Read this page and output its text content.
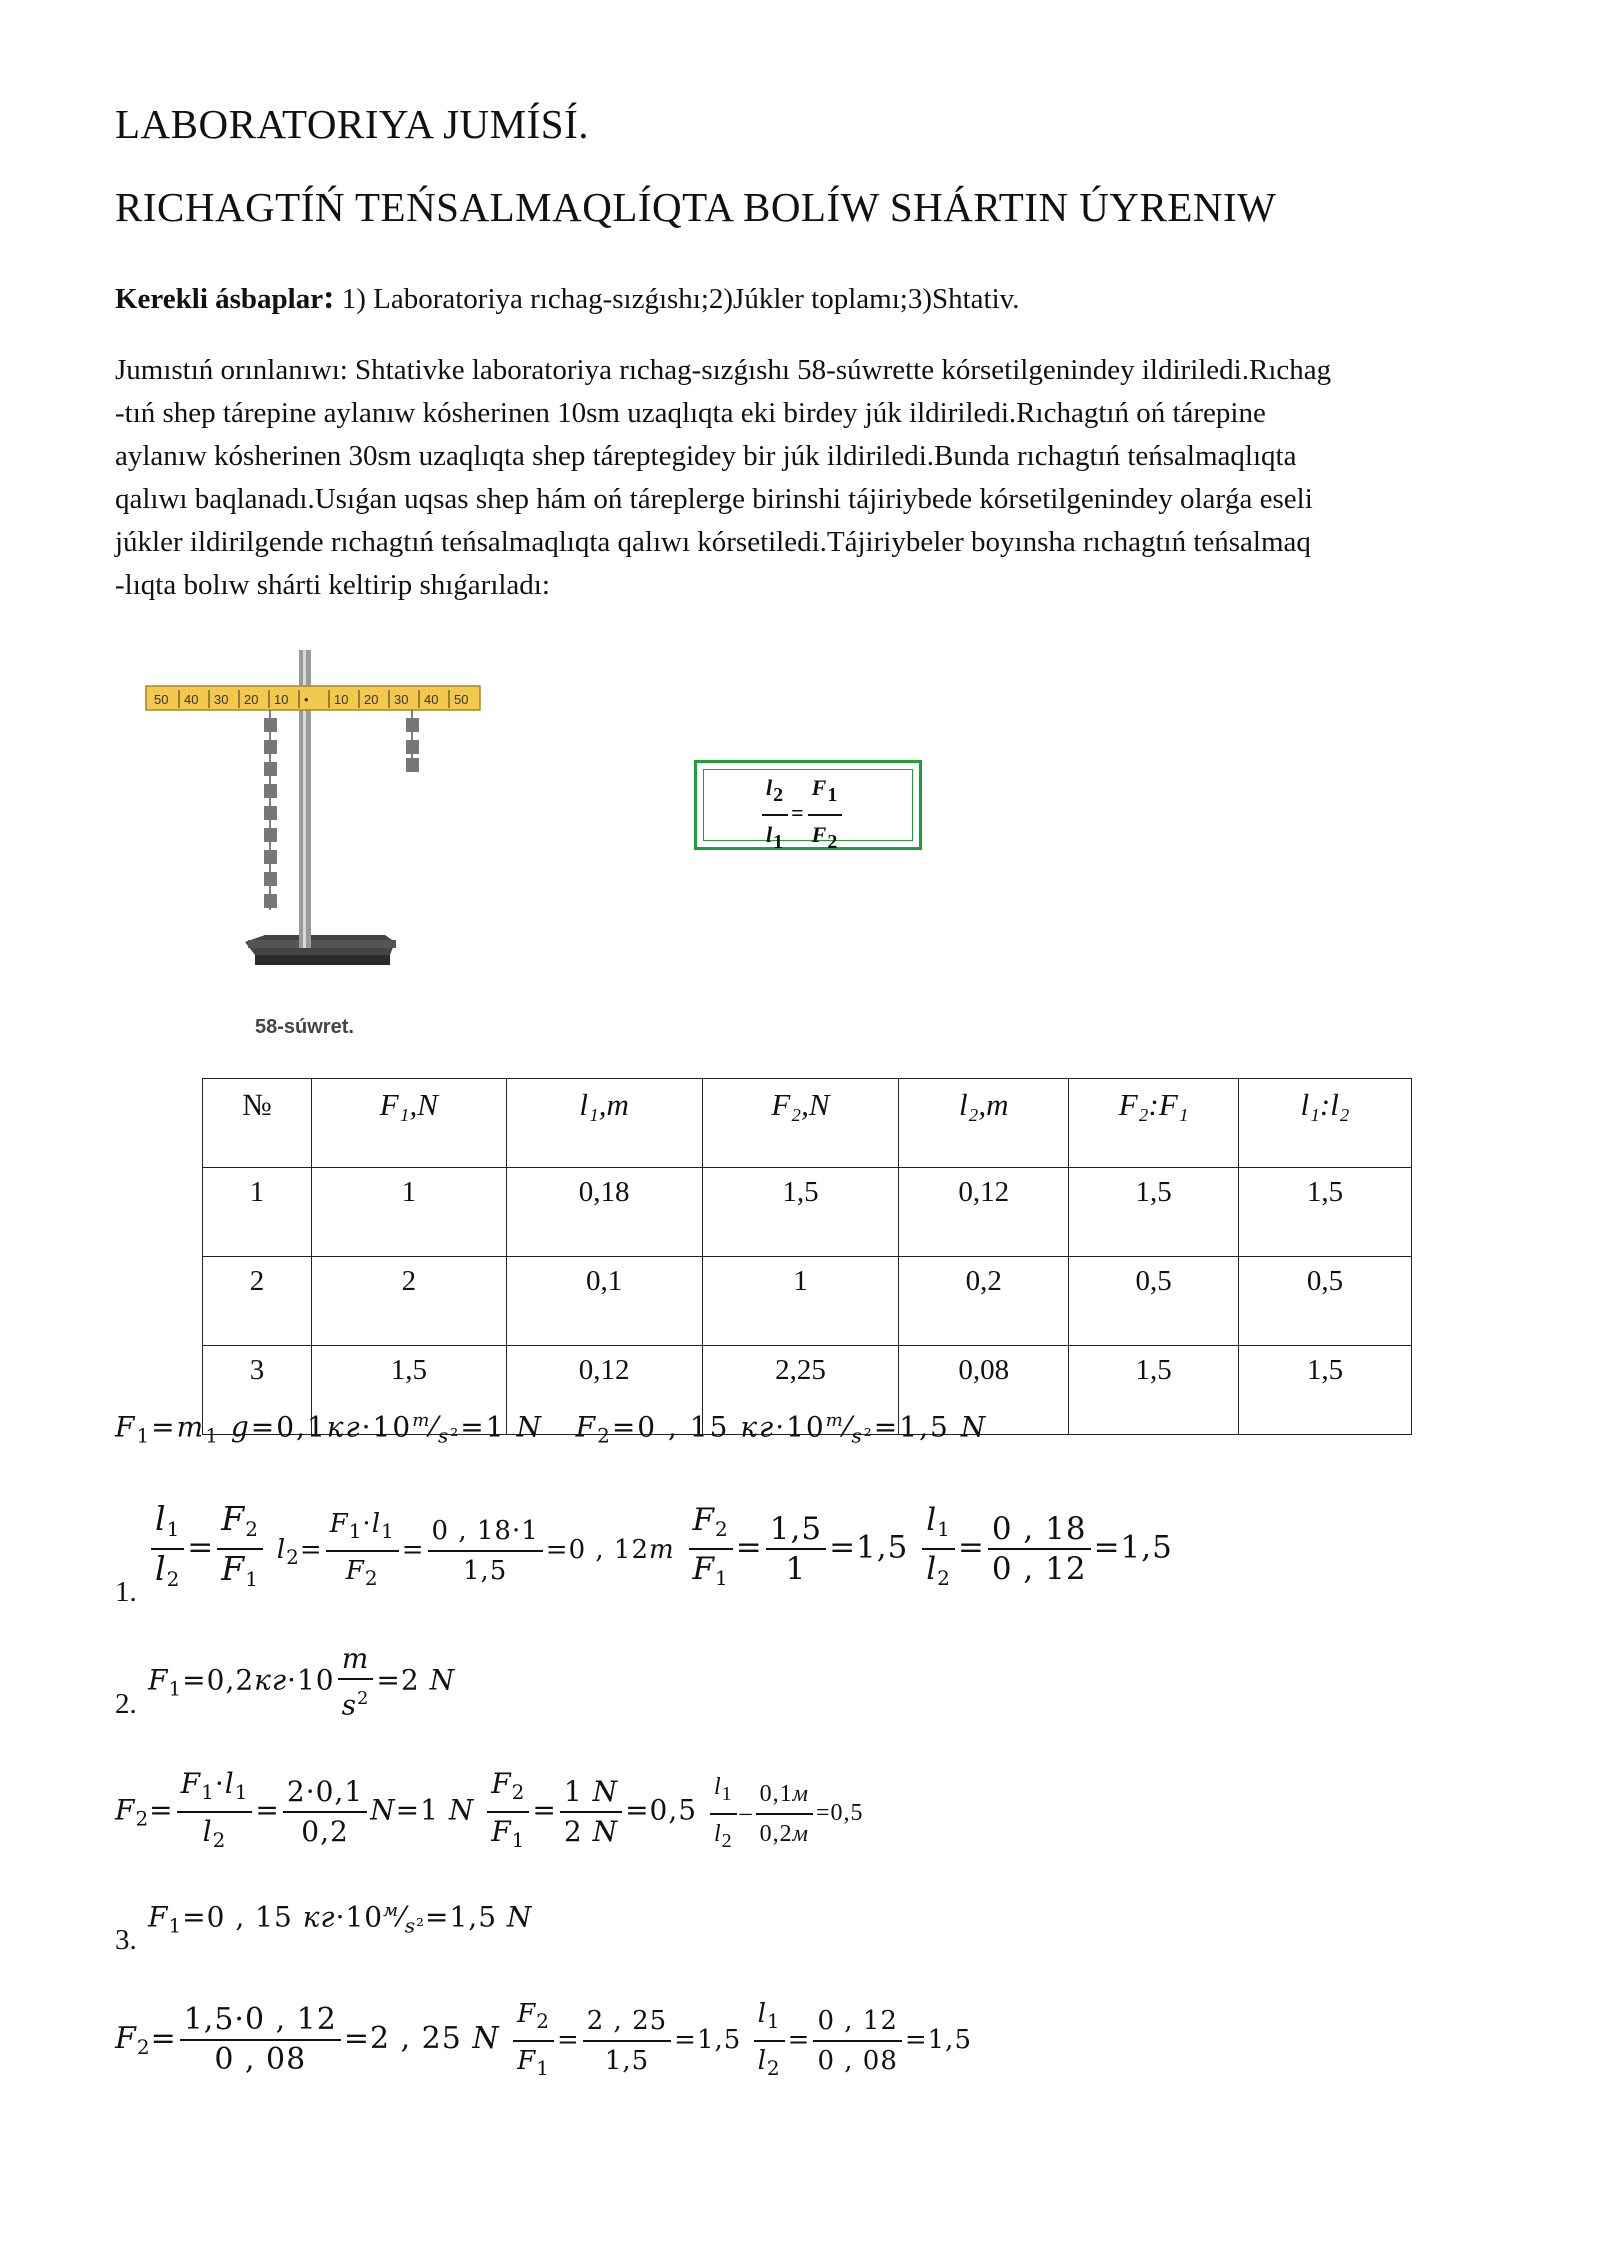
LABORATORIYA JUMÍSÍ.
RICHAGTÍŃ TEŃSALMAQLÍQTA BOLÍW SHÁRTIN ÚYRENIW
Kerekli ásbaplar: 1) Laboratoriya rıchag-sızǵıshı;2)Júkler toplamı;3)Shtativ.
Jumıstıń orınlanıwı: Shtativke laboratoriya rıchag-sızǵıshı 58-súwrette kórsetilgenindey ildiriledi.Rıchag
-tıń shep tárepine aylanıw kósherinen 10sm uzaqlıqta eki birdey júk ildiriledi.Rıchagtıń oń tárepine
aylanıw kósherinen 30sm uzaqlıqta shep táreptegidey bir júk ildiriledi.Bunda rıchagtıń teńsalmaqlıqta
qalıwı baqlanadı.Usıǵan uqsas shep hám oń táreplerge birinshi tájiriybede kórsetilgenindey olarǵa eseli
júkler ildirilgende rıchagtıń teńsalmaqlıqta qalıwı kórsetiledi.Tájiriybeler boyınsha rıchagtıń teńsalmaq
-lıqta bolıw shárti keltirip shıǵarıladı:
50 40 30 20 10 • 10 20 30 40 50
58-súwret.
$\frac{l_2}{l_1} = \frac{F_1}{F_2}$
№	F₁,N	l₁,m	F₂,N	l₂,m	F₂:F₁	l₁:l₂
1	1	0,18	1,5	0,12	1,5	1,5
2	2	0,1	1	0,2	0,5	0,5
3	1,5	0,12	2,25	0,08	1,5	1,5
$F_1=m_1$ $g=0,1кг\cdot 10^m⁄_{s^2}=1$ N $F_2=0$ , 15 $кг\cdot 10^m⁄_{s^2}=1,5$ N
1. $\frac{l_1}{l_2} = \frac{F_2}{F_1} l_2= \frac{F_1\cdot l_1}{F_2} = \frac{0 , 18\cdot 1}{1,5} =0$ , $12m \frac{F_2}{F_1} = \frac{1,5}{1} =1,5 \frac{l_1}{l_2} = \frac{0 , 18}{0 , 12} =1,5$
2.
$F_1=0,2кг\cdot 10 \frac{m}{s^2} =2$ N
$F_2= \frac{F_1\cdot l_1}{l_2} = \frac{2\cdot 0,1}{0,2} N=1$ N $\frac{F_2}{F_1} = \frac{1 N}{2 N} =0,5 \frac{l_1}{l_2} - \frac{0,1м}{0,2м} =0,5$
3.
$F_1=0$ , 15 $кг\cdot 10^м⁄_{s^2}=1,5$ N
$F_2= \frac{1,5\cdot 0 , 12}{0 , 08} =2$ , 25 N $\frac{F_2}{F_1} = \frac{2 , 25}{1,5} =1,5 \frac{l_1}{l_2} = \frac{0 , 12}{0 , 08} =1,5$
